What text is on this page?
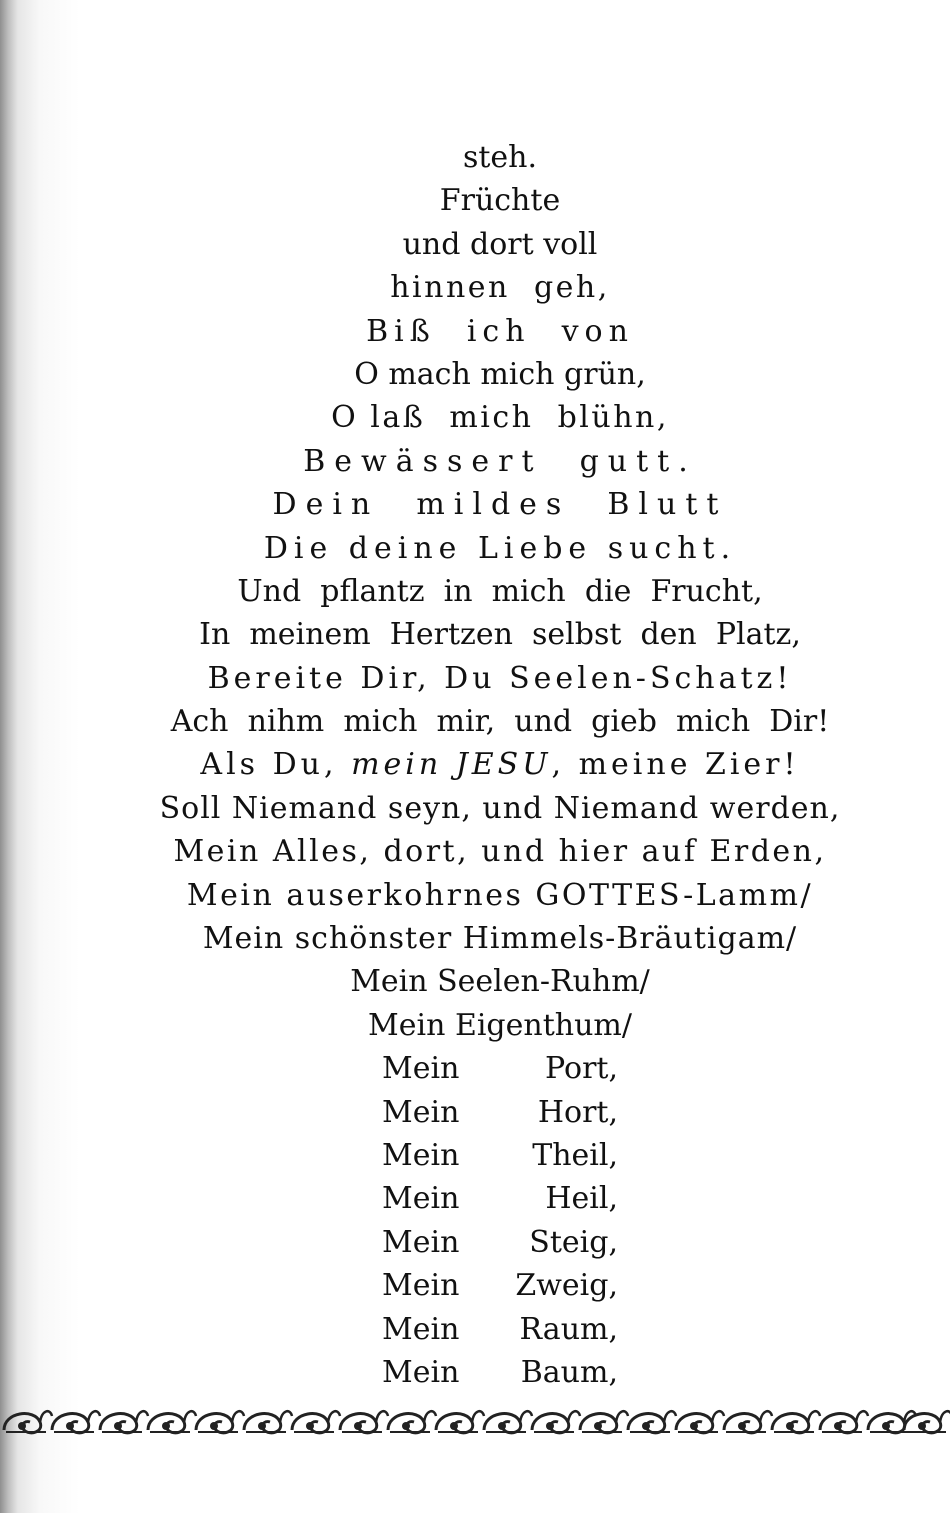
steh.
Früchte
und dort voll
hinnen  geh,
Biß  ich  von
O mach mich grün,
O laß  mich  blühn,
Bewässert  gutt.
Dein  mildes  Blutt
Die deine Liebe sucht.
Und  pflantz  in  mich  die  Frucht,
In  meinem  Hertzen  selbst  den  Platz,
Bereite Dir, Du Seelen-Schatz!
Ach  nihm  mich  mir,  und  gieb  mich  Dir!
Als Du, mein JESU, meine Zier!
Soll Niemand seyn, und Niemand werden,
Mein Alles, dort, und hier auf Erden,
Mein auserkohrnes GOTTES-Lamm/
Mein schönster Himmels-Bräutigam/
Mein Seelen-Ruhm/
Mein Eigenthum/
Mein	Port,
Mein	Hort,
Mein	Theil,
Mein	Heil,
Mein	Steig,
Mein	Zweig,
Mein	Raum,
Mein	Baum,
